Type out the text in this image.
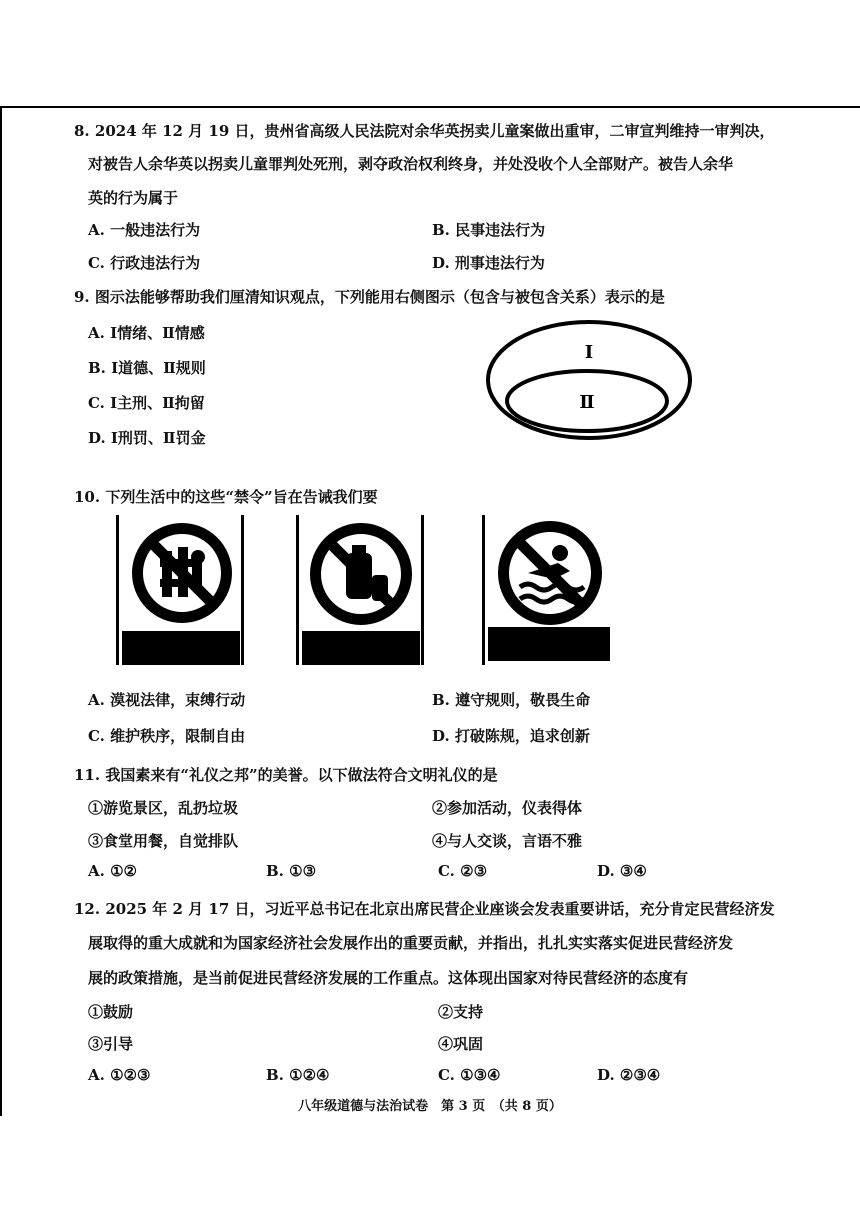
8. 2024 年 12 月 19 日，贵州省高级人民法院对余华英拐卖儿童案做出重审，二审宣判维持一审判决，
对被告人余华英以拐卖儿童罪判处死刑，剥夺政治权利终身，并处没收个人全部财产。被告人余华
英的行为属于
A. 一般违法行为	B. 民事违法行为
C. 行政违法行为	D. 刑事违法行为
9. 图示法能够帮助我们厘清知识观点，下列能用右侧图示（包含与被包含关系）表示的是
A. Ⅰ情绪、Ⅱ情感
B. Ⅰ道德、Ⅱ规则
C. Ⅰ主刑、Ⅱ拘留
D. Ⅰ刑罚、Ⅱ罚金
Ⅰ
Ⅱ
10. 下列生活中的这些“禁令”旨在告诫我们要
A. 漠视法律，束缚行动	B. 遵守规则，敬畏生命
C. 维护秩序，限制自由	D. 打破陈规，追求创新
11. 我国素来有“礼仪之邦”的美誉。以下做法符合文明礼仪的是
①游览景区，乱扔垃圾	②参加活动，仪表得体
③食堂用餐，自觉排队	④与人交谈，言语不雅
A. ①②	B. ①③	C. ②③	D. ③④
12. 2025 年 2 月 17 日，习近平总书记在北京出席民营企业座谈会发表重要讲话，充分肯定民营经济发
展取得的重大成就和为国家经济社会发展作出的重要贡献，并指出，扎扎实实落实促进民营经济发
展的政策措施，是当前促进民营经济发展的工作重点。这体现出国家对待民营经济的态度有
①鼓励	②支持
③引导	④巩固
A. ①②③	B. ①②④	C. ①③④	D. ②③④
八年级道德与法治试卷　第 3 页　（共 8 页）
